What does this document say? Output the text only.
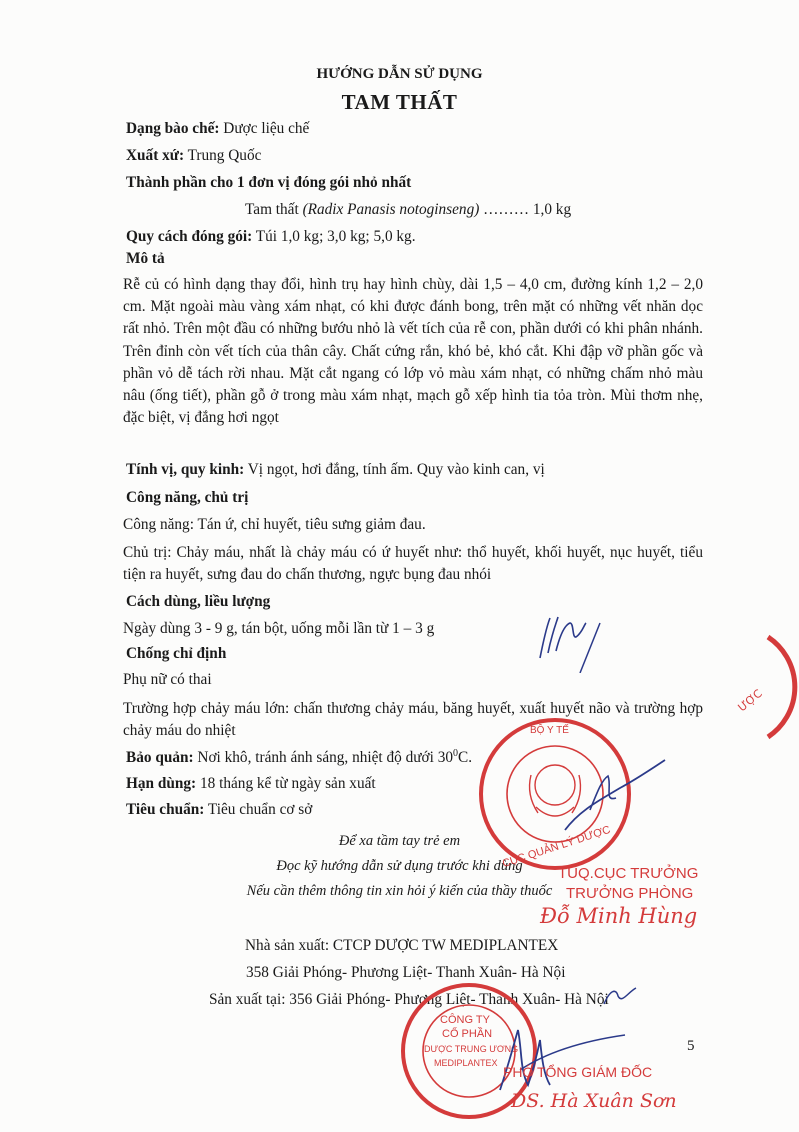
HƯỚNG DẪN SỬ DỤNG
TAM THẤT
Dạng bào chế: Dược liệu chế
Xuất xứ: Trung Quốc
Thành phần cho 1 đơn vị đóng gói nhỏ nhất
Tam thất (Radix Panasis notoginseng) ……… 1,0 kg
Quy cách đóng gói: Túi 1,0 kg; 3,0 kg; 5,0 kg.
Mô tả
Rễ củ có hình dạng thay đổi, hình trụ hay hình chùy, dài 1,5 – 4,0 cm, đường kính 1,2 – 2,0 cm. Mặt ngoài màu vàng xám nhạt, có khi được đánh bong, trên mặt có những vết nhăn dọc rất nhỏ. Trên một đầu có những bướu nhỏ là vết tích của rễ con, phần dưới có khi phân nhánh. Trên đỉnh còn vết tích của thân cây. Chất cứng rắn, khó bẻ, khó cắt. Khi đập vỡ phần gốc và phần vỏ dễ tách rời nhau. Mặt cắt ngang có lớp vỏ màu xám nhạt, có những chấm nhỏ màu nâu (ống tiết), phần gỗ ở trong màu xám nhạt, mạch gỗ xếp hình tia tỏa tròn. Mùi thơm nhẹ, đặc biệt, vị đắng hơi ngọt
Tính vị, quy kinh: Vị ngọt, hơi đắng, tính ấm. Quy vào kinh can, vị
Công năng, chủ trị
Công năng: Tán ứ, chỉ huyết, tiêu sưng giảm đau.
Chủ trị: Chảy máu, nhất là chảy máu có ứ huyết như: thổ huyết, khối huyết, nục huyết, tiểu tiện ra huyết, sưng đau do chấn thương, ngực bụng đau nhói
Cách dùng, liều lượng
Ngày dùng 3 - 9 g, tán bột, uống mỗi lần từ 1 – 3 g
Chống chỉ định
Phụ nữ có thai
Trường hợp chảy máu lớn: chấn thương chảy máu, băng huyết, xuất huyết não và trường hợp chảy máu do nhiệt
Bảo quản: Nơi khô, tránh ánh sáng, nhiệt độ dưới $30^0C$.
Hạn dùng: 18 tháng kể từ ngày sản xuất
Tiêu chuẩn: Tiêu chuẩn cơ sở
Để xa tầm tay trẻ em
Đọc kỹ hướng dẫn sử dụng trước khi dùng
Nếu cần thêm thông tin xin hỏi ý kiến của thầy thuốc
Nhà sản xuất: CTCP DƯỢC TW MEDIPLANTEX
358 Giải Phóng- Phương Liệt- Thanh Xuân- Hà Nội
Sản xuất tại: 356 Giải Phóng- Phương Liệt- Thanh Xuân- Hà Nội
5
ƯỢC
BỘ Y TẾ
CỤC QUẢN LÝ DƯỢC
TUQ.CỤC TRƯỞNG
TRƯỞNG PHÒNG
Đỗ Minh Hùng
CÔNG TY
CỔ PHẦN
DƯỢC TRUNG ƯƠNG
MEDIPLANTEX
PHÓ TỔNG GIÁM ĐỐC
DS. Hà Xuân Sơn
